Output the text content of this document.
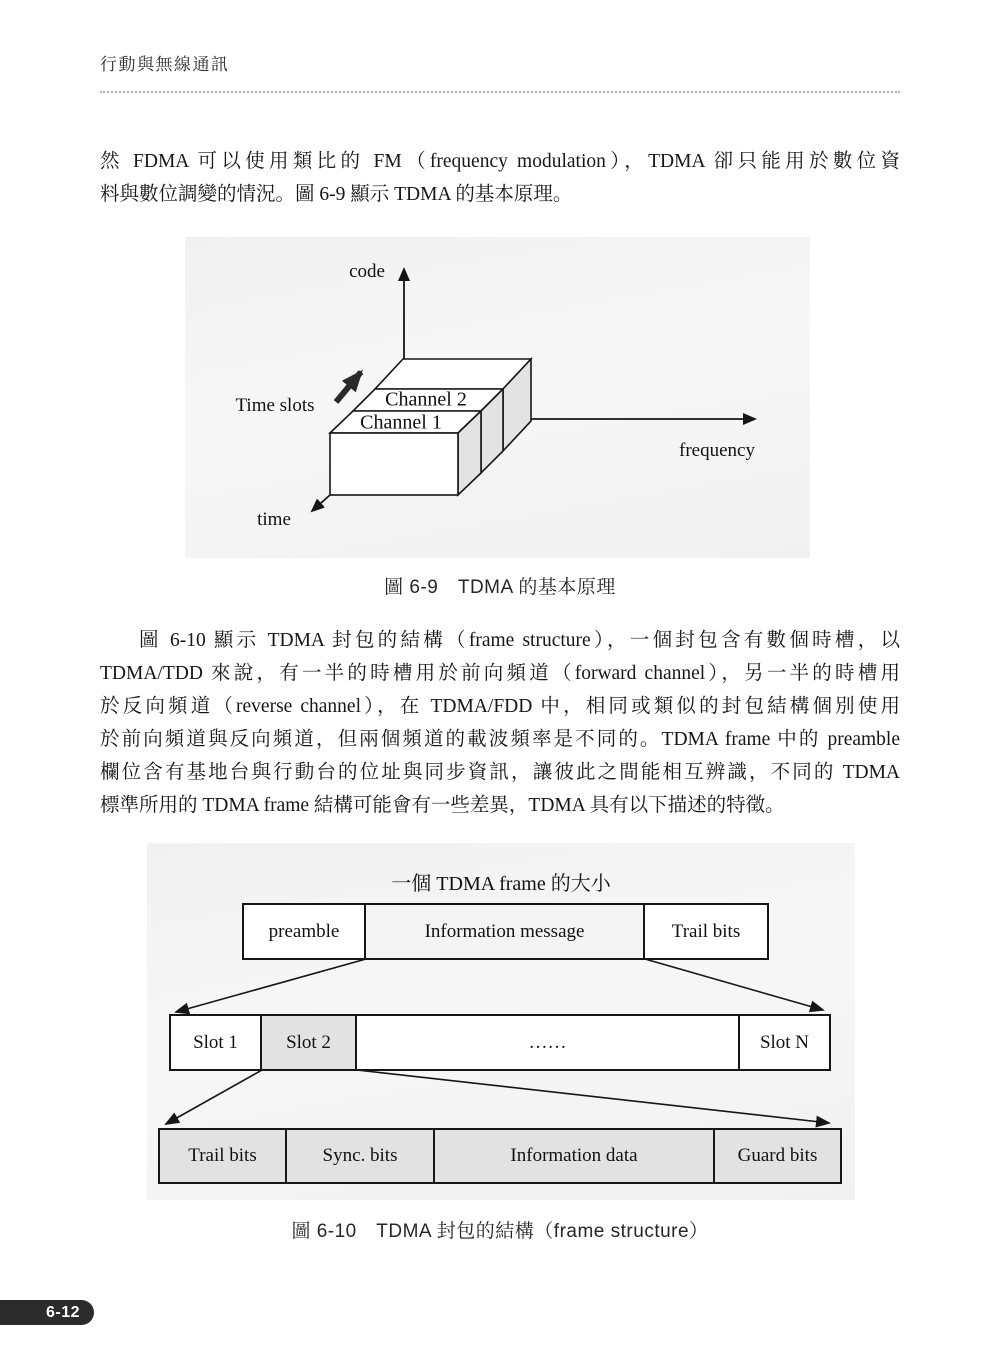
行動與無線通訊
然 FDMA 可以使用類比的 FM（frequency modulation），TDMA 卻只能用於數位資
料與數位調變的情況。圖 6-9 顯示 TDMA 的基本原理。
code
Time slots	Channel 2
Channel 1
frequency
time
圖 6-9　TDMA 的基本原理
圖 6-10 顯示 TDMA 封包的結構（frame structure），一個封包含有數個時槽，以
TDMA/TDD 來說，有一半的時槽用於前向頻道（forward channel），另一半的時槽用
於反向頻道（reverse channel），在 TDMA/FDD 中，相同或類似的封包結構個別使用
於前向頻道與反向頻道，但兩個頻道的載波頻率是不同的。TDMA frame 中的 preamble
欄位含有基地台與行動台的位址與同步資訊，讓彼此之間能相互辨識，不同的 TDMA
標準所用的 TDMA frame 結構可能會有一些差異，TDMA 具有以下描述的特徵。
一個 TDMA frame 的大小
preamble	Information message	Trail bits
Slot 1	Slot 2	……	Slot N
Trail bits	Sync. bits	Information data	Guard bits
圖 6-10　TDMA 封包的結構（frame structure）
6-12
